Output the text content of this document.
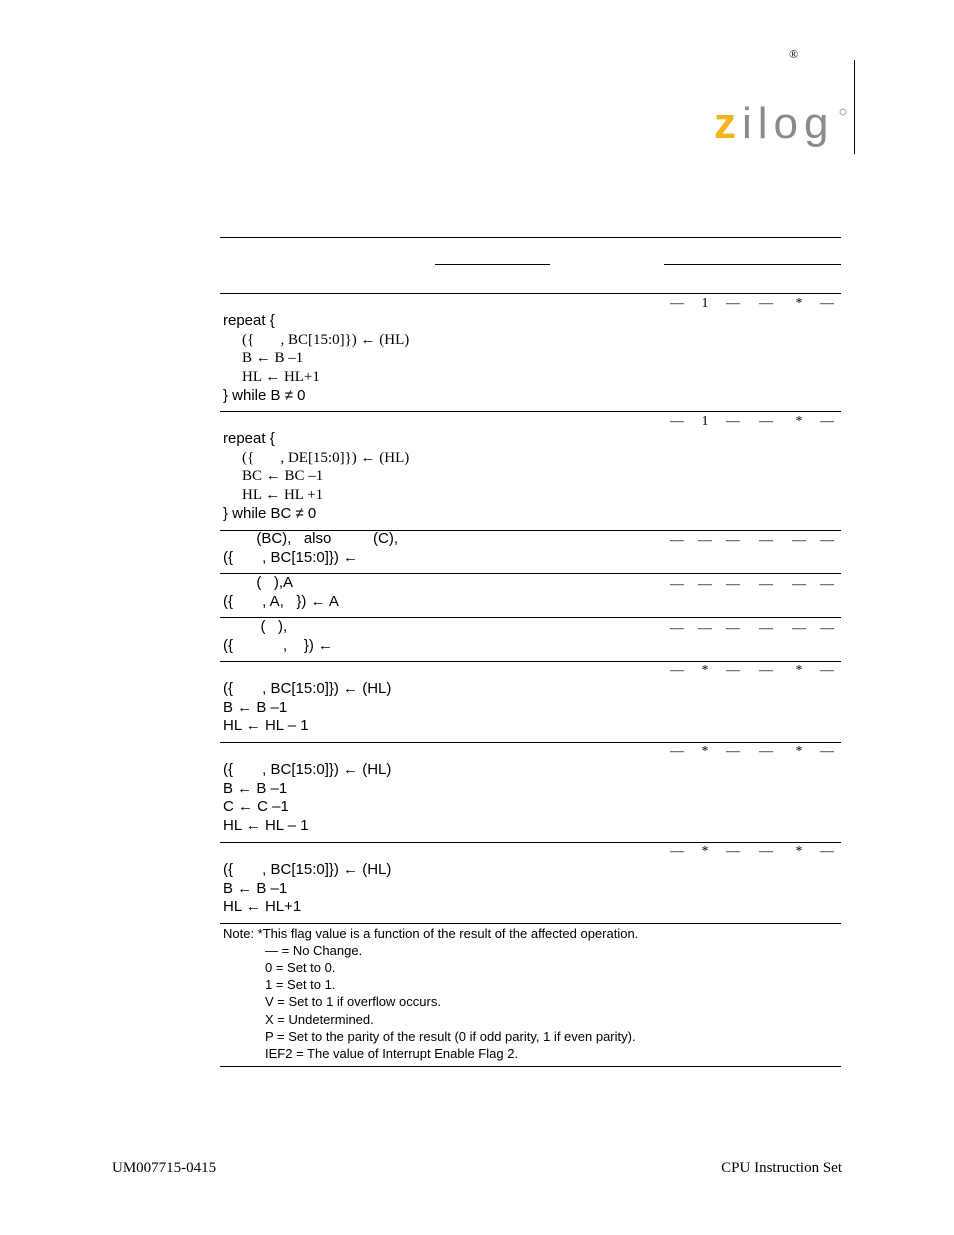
®
z ilog
repeat {
({       , BC[15:0]}) ← (HL)
B ← B –1
HL ← HL+1
} while B ≠ 0
— 1 — — * —
repeat {
({       , DE[15:0]}) ← (HL)
BC ← BC –1
HL ← HL +1
} while BC ≠ 0
— 1 — — * —
(BC),   also          (C),
({       , BC[15:0]}) ←
— — — — — —
(   ),A
({       , A,   }) ← A
— — — — — —
(   ),
({            ,    }) ←
— — — — — —
({       , BC[15:0]}) ← (HL)
B ← B –1
HL ← HL – 1
— * — — * —
({       , BC[15:0]}) ← (HL)
B ← B –1
C ← C –1
HL ← HL – 1
— * — — * —
({       , BC[15:0]}) ← (HL)
B ← B –1
HL ← HL+1
— * — — * —
Note: *This flag value is a function of the result of the affected operation.
— = No Change.
0 = Set to 0.
1 = Set to 1.
V = Set to 1 if overflow occurs.
X = Undetermined.
P = Set to the parity of the result (0 if odd parity, 1 if even parity).
IEF2 = The value of Interrupt Enable Flag 2.
UM007715-0415	CPU Instruction Set
